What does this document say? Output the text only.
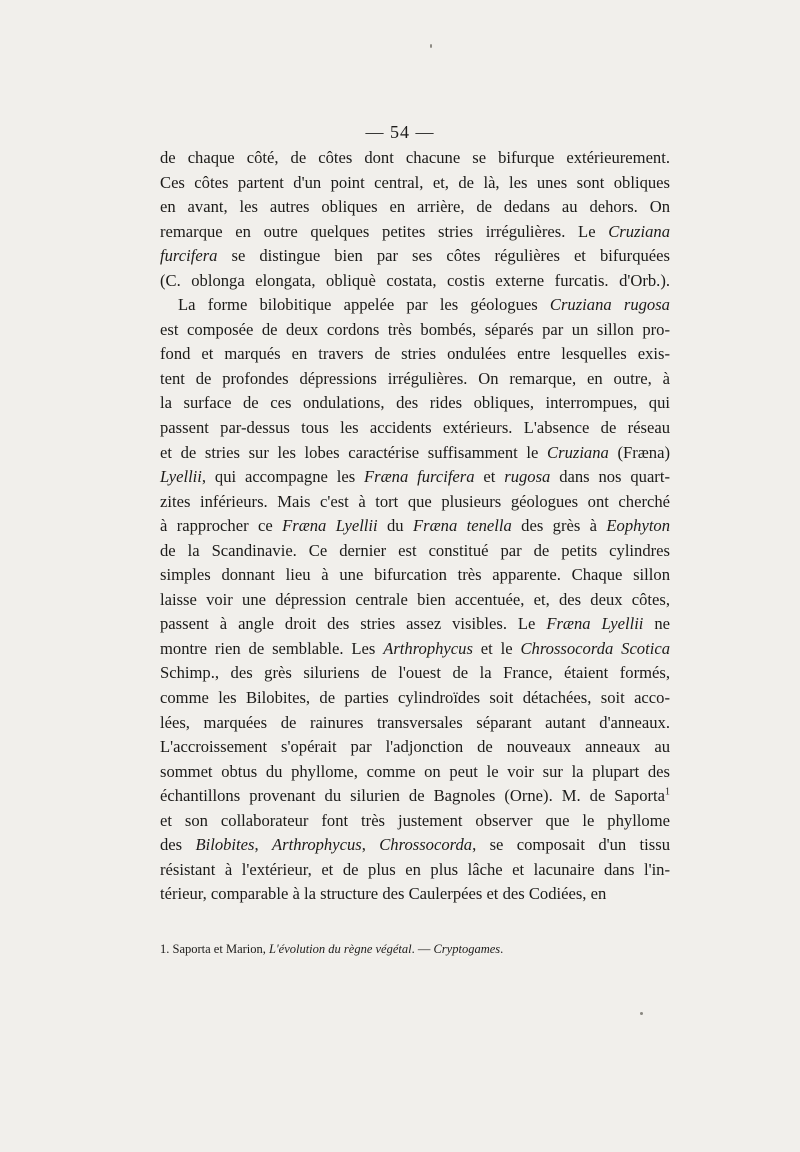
— 54 —
de chaque côté, de côtes dont chacune se bifurque extérieurement.
Ces côtes partent d'un point central, et, de là, les unes sont obliques
en avant, les autres obliques en arrière, de dedans au dehors. On
remarque en outre quelques petites stries irrégulières. Le Cruziana
furcifera se distingue bien par ses côtes régulières et bifurquées
(C. oblonga elongata, obliquè costata, costis externe furcatis. d'Orb.).
La forme bilobitique appelée par les géologues Cruziana rugosa
est composée de deux cordons très bombés, séparés par un sillon pro-
fond et marqués en travers de stries ondulées entre lesquelles exis-
tent de profondes dépressions irrégulières. On remarque, en outre, à
la surface de ces ondulations, des rides obliques, interrompues, qui
passent par-dessus tous les accidents extérieurs. L'absence de réseau
et de stries sur les lobes caractérise suffisamment le Cruziana (Fræna)
Lyellii, qui accompagne les Fræna furcifera et rugosa dans nos quart-
zites inférieurs. Mais c'est à tort que plusieurs géologues ont cherché
à rapprocher ce Fræna Lyellii du Fræna tenella des grès à Eophyton
de la Scandinavie. Ce dernier est constitué par de petits cylindres
simples donnant lieu à une bifurcation très apparente. Chaque sillon
laisse voir une dépression centrale bien accentuée, et, des deux côtes,
passent à angle droit des stries assez visibles. Le Fræna Lyellii ne
montre rien de semblable. Les Arthrophycus et le Chrossocorda Scotica
Schimp., des grès siluriens de l'ouest de la France, étaient formés,
comme les Bilobites, de parties cylindroïdes soit détachées, soit acco-
lées, marquées de rainures transversales séparant autant d'anneaux.
L'accroissement s'opérait par l'adjonction de nouveaux anneaux au
sommet obtus du phyllome, comme on peut le voir sur la plupart des
échantillons provenant du silurien de Bagnoles (Orne). M. de Saporta$^1$
et son collaborateur font très justement observer que le phyllome
des Bilobites, Arthrophycus, Chrossocorda, se composait d'un tissu
résistant à l'extérieur, et de plus en plus lâche et lacunaire dans l'in-
térieur, comparable à la structure des Caulerpées et des Codiées, en
1. Saporta et Marion, L'évolution du règne végétal. — Cryptogames.
